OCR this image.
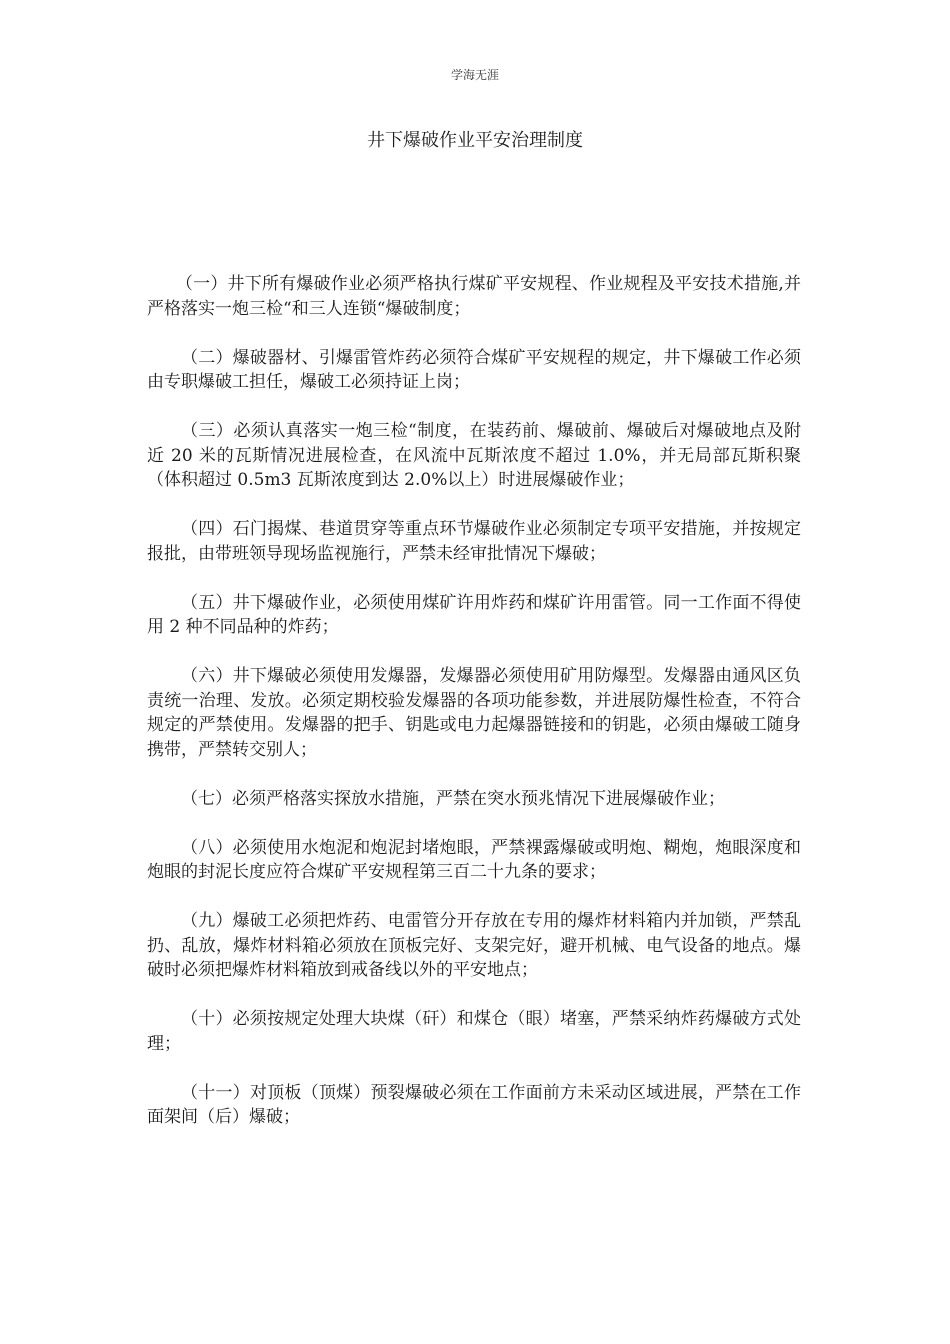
学海无涯
井下爆破作业平安治理制度

（一）井下所有爆破作业必须严格执行煤矿平安规程、作业规程及平安技术措施,并严格落实一炮三检“和三人连锁“爆破制度；

（二）爆破器材、引爆雷管炸药必须符合煤矿平安规程的规定，井下爆破工作必须由专职爆破工担任，爆破工必须持证上岗；

（三）必须认真落实一炮三检“制度，在装药前、爆破前、爆破后对爆破地点及附近 20 米的瓦斯情况进展检查，在风流中瓦斯浓度不超过 1.0%，并无局部瓦斯积聚（体积超过 0.5m3 瓦斯浓度到达 2.0%以上）时进展爆破作业；

（四）石门揭煤、巷道贯穿等重点环节爆破作业必须制定专项平安措施，并按规定报批，由带班领导现场监视施行，严禁未经审批情况下爆破；

（五）井下爆破作业，必须使用煤矿许用炸药和煤矿许用雷管。同一工作面不得使用 2 种不同品种的炸药；

（六）井下爆破必须使用发爆器，发爆器必须使用矿用防爆型。发爆器由通风区负责统一治理、发放。必须定期校验发爆器的各项功能参数，并进展防爆性检查，不符合规定的严禁使用。发爆器的把手、钥匙或电力起爆器链接和的钥匙，必须由爆破工随身携带，严禁转交别人；

（七）必须严格落实探放水措施，严禁在突水预兆情况下进展爆破作业；

（八）必须使用水炮泥和炮泥封堵炮眼，严禁裸露爆破或明炮、糊炮，炮眼深度和炮眼的封泥长度应符合煤矿平安规程第三百二十九条的要求；

（九）爆破工必须把炸药、电雷管分开存放在专用的爆炸材料箱内并加锁，严禁乱扔、乱放，爆炸材料箱必须放在顶板完好、支架完好，避开机械、电气设备的地点。爆破时必须把爆炸材料箱放到戒备线以外的平安地点；

（十）必须按规定处理大块煤（矸）和煤仓（眼）堵塞，严禁采纳炸药爆破方式处理；

（十一）对顶板（顶煤）预裂爆破必须在工作面前方未采动区域进展，严禁在工作面架间（后）爆破；
